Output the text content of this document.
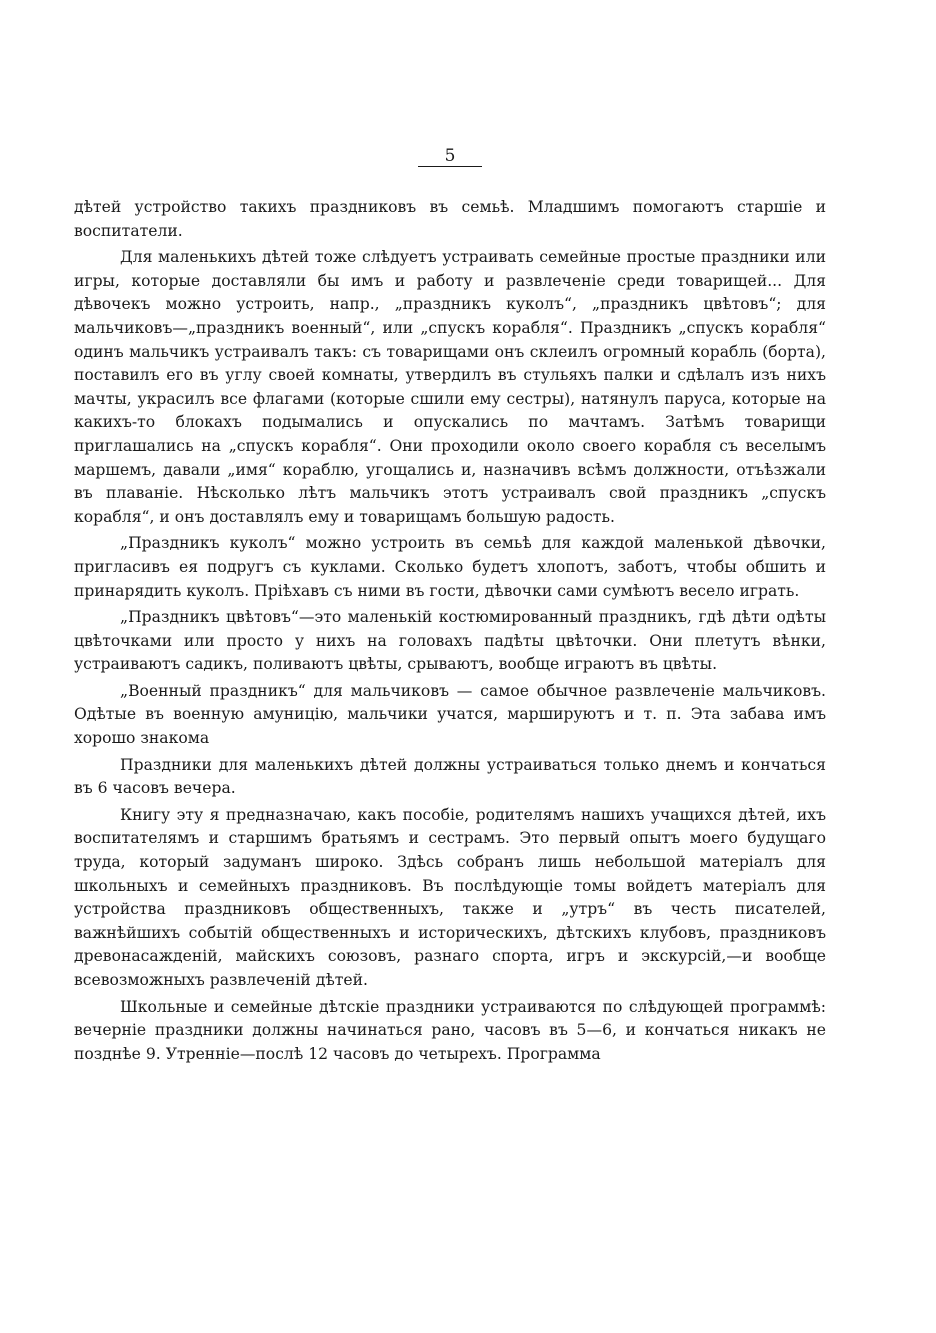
5

дѣтей устройство такихъ праздниковъ въ семьѣ. Младшимъ помогаютъ старшіе и воспитатели.

Для маленькихъ дѣтей тоже слѣдуетъ устраивать семейные простые праздники или игры, которые доставляли бы имъ и работу и развлеченіе среди товарищей... Для дѣвочекъ можно устроить, напр., „праздникъ куколъ“, „праздникъ цвѣтовъ“; для мальчиковъ—„праздникъ военный“, или „спускъ корабля“. Праздникъ „спускъ корабля“ одинъ мальчикъ устраивалъ такъ: съ товарищами онъ склеилъ огромный корабль (борта), поставилъ его въ углу своей комнаты, утвердилъ въ стульяхъ палки и сдѣлалъ изъ нихъ мачты, украсилъ все флагами (которые сшили ему сестры), натянулъ паруса, которые на какихъ-то блокахъ подымались и опускались по мачтамъ. Затѣмъ товарищи приглашались на „спускъ корабля“. Они проходили около своего корабля съ веселымъ маршемъ, давали „имя“ кораблю, угощались и, назначивъ всѣмъ должности, отъѣзжали въ плаваніе. Нѣсколько лѣтъ мальчикъ этотъ устраивалъ свой праздникъ „спускъ корабля“, и онъ доставлялъ ему и товарищамъ большую радость.

„Праздникъ куколъ“ можно устроить въ семьѣ для каждой маленькой дѣвочки, пригласивъ ея подругъ съ куклами. Сколько будетъ хлопотъ, заботъ, чтобы обшить и принарядить куколъ. Пріѣхавъ съ ними въ гости, дѣвочки сами сумѣютъ весело играть.

„Праздникъ цвѣтовъ“—это маленькій костюмированный праздникъ, гдѣ дѣти одѣты цвѣточками или просто у нихъ на головахъ падѣты цвѣточки. Они плетутъ вѣнки, устраиваютъ садикъ, поливаютъ цвѣты, срываютъ, вообще играютъ въ цвѣты.

„Военный праздникъ“ для мальчиковъ — самое обычное развлеченіе мальчиковъ. Одѣтые въ военную амуницію, мальчики учатся, маршируютъ и т. п. Эта забава имъ хорошо знакома

Праздники для маленькихъ дѣтей должны устраиваться только днемъ и кончаться въ 6 часовъ вечера.

Книгу эту я предназначаю, какъ пособіе, родителямъ нашихъ учащихся дѣтей, ихъ воспитателямъ и старшимъ братьямъ и сестрамъ. Это первый опытъ моего будущаго труда, который задуманъ широко. Здѣсь собранъ лишь небольшой матеріалъ для школьныхъ и семейныхъ праздниковъ. Въ послѣдующіе томы войдетъ матеріалъ для устройства праздниковъ общественныхъ, также и „утръ“ въ честь писателей, важнѣйшихъ событій общественныхъ и историческихъ, дѣтскихъ клубовъ, праздниковъ древонасажденій, майскихъ союзовъ, разнаго спорта, игръ и экскурсій,—и вообще всевозможныхъ развлеченій дѣтей.

Школьные и семейные дѣтскіе праздники устраиваются по слѣдующей программѣ: вечерніе праздники должны начинаться рано, часовъ въ 5—6, и кончаться никакъ не позднѣе 9. Утренніе—послѣ 12 часовъ до четырехъ. Программа
